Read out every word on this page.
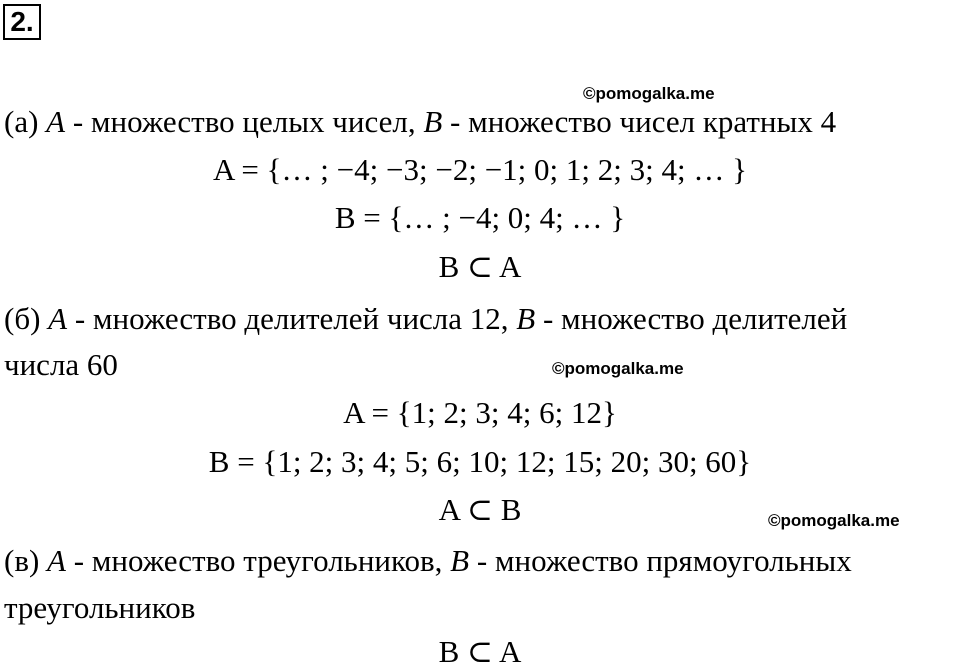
2.
©pomogalka.me
(а) A - множество целых чисел, B - множество чисел кратных 4
A = {… ; −4; −3; −2; −1; 0; 1; 2; 3; 4; … }
B = {… ; −4; 0; 4; … }
B ⊂ A
(б) A - множество делителей числа 12, B - множество делителей
числа 60	©pomogalka.me
A = {1; 2; 3; 4; 6; 12}
B = {1; 2; 3; 4; 5; 6; 10; 12; 15; 20; 30; 60}
A ⊂ B	©pomogalka.me
(в) A - множество треугольников, B - множество прямоугольных
треугольников
B ⊂ A
